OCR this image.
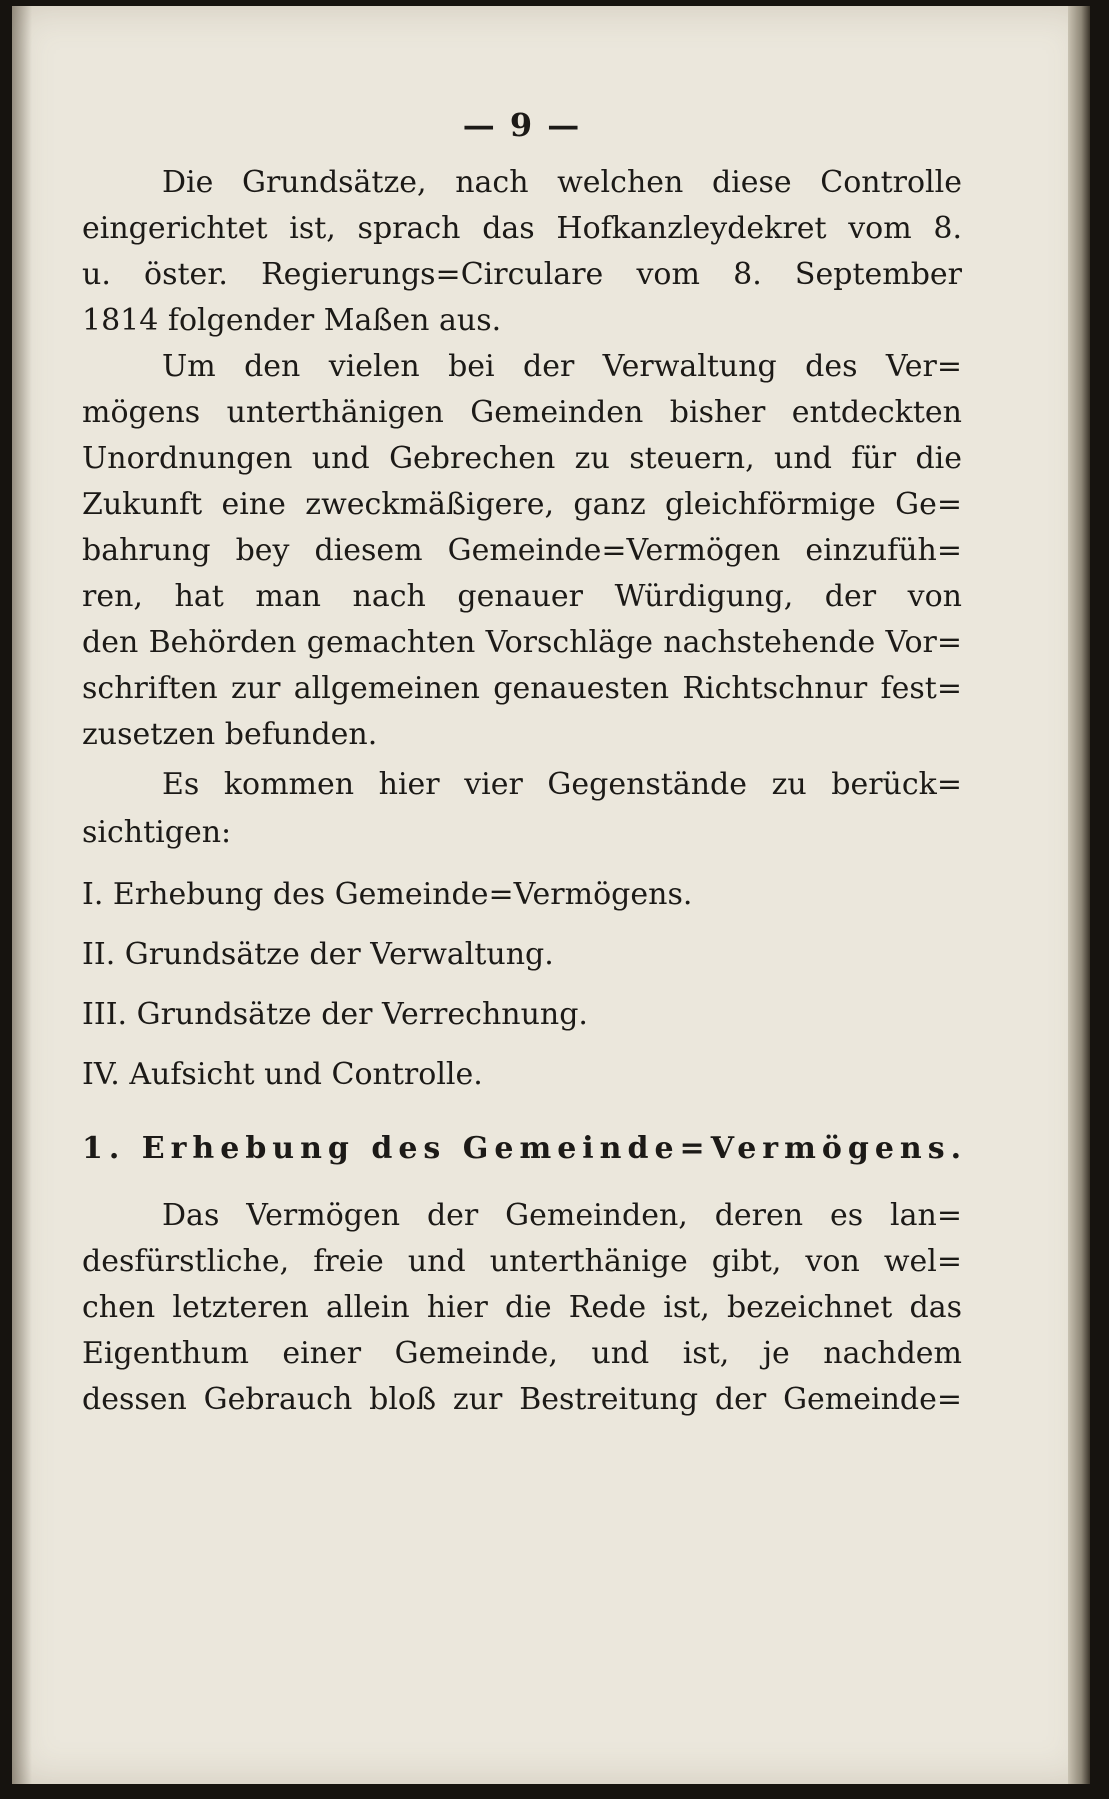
— 9 —
Die Grundsätze, nach welchen diese Controlle
eingerichtet ist, sprach das Hofkanzleydekret vom 8.
u. öster. Regierungs=Circulare vom 8. September
1814 folgender Maßen aus.
Um den vielen bei der Verwaltung des Ver=
mögens unterthänigen Gemeinden bisher entdeckten
Unordnungen und Gebrechen zu steuern, und für die
Zukunft eine zweckmäßigere, ganz gleichförmige Ge=
bahrung bey diesem Gemeinde=Vermögen einzufüh=
ren, hat man nach genauer Würdigung, der von
den Behörden gemachten Vorschläge nachstehende Vor=
schriften zur allgemeinen genauesten Richtschnur fest=
zusetzen befunden.
Es kommen hier vier Gegenstände zu berück=
sichtigen:
I. Erhebung des Gemeinde=Vermögens.
II. Grundsätze der Verwaltung.
III. Grundsätze der Verrechnung.
IV. Aufsicht und Controlle.
1. Erhebung des Gemeinde=Vermögens.
Das Vermögen der Gemeinden, deren es lan=
desfürstliche, freie und unterthänige gibt, von wel=
chen letzteren allein hier die Rede ist, bezeichnet das
Eigenthum einer Gemeinde, und ist, je nachdem
dessen Gebrauch bloß zur Bestreitung der Gemeinde=
